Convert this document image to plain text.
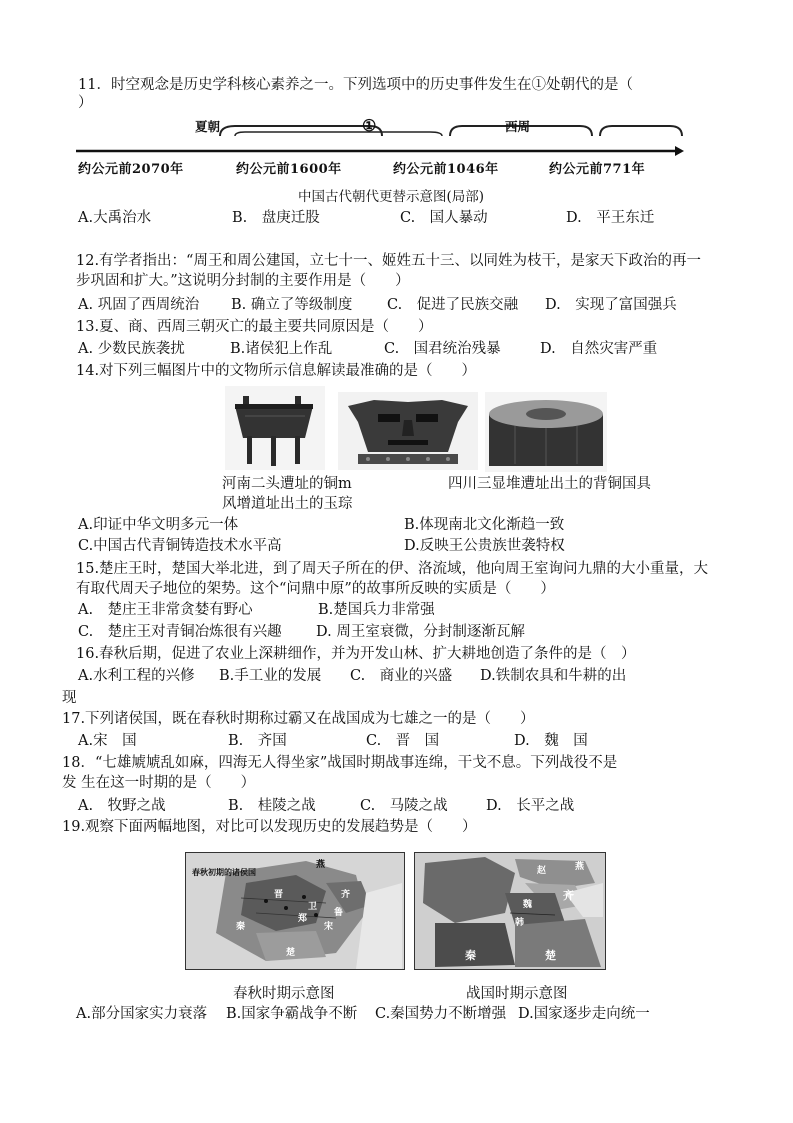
11．时空观念是历史学科核心素养之一。下列选项中的历史事件发生在①处朝代的是（
）
夏朝	①	西周
约公元前2070年	约公元前1600年	约公元前1046年	约公元前771年
中国古代朝代更替示意图(局部)
A.大禹治水	B.　盘庚迁股	C.　国人暴动	D.　平王东迁
12.有学者指出：“周王和周公建国，立七十一、姬姓五十三、以同姓为枝干，是家天下政治的再一
步巩固和扩大。”这说明分封制的主要作用是（　　）
A. 巩固了西周统治 B. 确立了等级制度 C.　促进了民族交融 D.　实现了富国强兵
13.夏、商、西周三朝灭亡的最主要共同原因是（　　）
A. 少数民族袭扰	B.诸侯犯上作乱	C.　国君统治残暴	D.　自然灾害严重
14.对下列三幅图片中的文物所示信息解读最准确的是（　　）
河南二头遭址的铜m
风增道址出土的玉琮
四川三显堆遭址出土的背铜国具
A.印证中华文明多元一体	B.体现南北文化渐趋一致
C.中国古代青铜铸造技术水平高	D.反映王公贵族世袭特权
15.楚庄王时，楚国大举北进，到了周天子所在的伊、洛流域，他向周王室询问九鼎的大小重量，大
有取代周天子地位的架势。这个“问鼎中原”的故事所反映的实质是（　　）
A.　楚庄王非常贪婪有野心	B.楚国兵力非常强
C.　楚庄王对青铜冶炼很有兴趣 D. 周王室衰微，分封制逐渐瓦解
16.春秋后期，促进了农业上深耕细作，并为开发山林、扩大耕地创造了条件的是（　）
A.水利工程的兴修 B.手工业的发展 C.　商业的兴盛 D.铁制农具和牛耕的出
现
17.下列诸侯国，既在春秋时期称过霸又在战国成为七雄之一的是（　　）
A.宋　国	B.　齐国	C.　晋　国	D.　魏　国
18．“七雄虓虓乱如麻，四海无人得坐家”战国时期战事连绵，干戈不息。下列战役不是
发 生在这一时期的是（　　）
A.　牧野之战	B.　桂陵之战	C.　马陵之战	D.　长平之战
19.观察下面两幅地图，对比可以发现历史的发展趋势是（　　）
春秋初期的诸侯国
燕
晋	齐
秦
楚
鲁
宋
郑
卫
赵
齐
魏
韩
秦	楚
燕
春秋时期示意图	战国时期示意图
A.部分国家实力衰落 B.国家争霸战争不断 C.秦国势力不断增强 D.国家逐步走向统一
